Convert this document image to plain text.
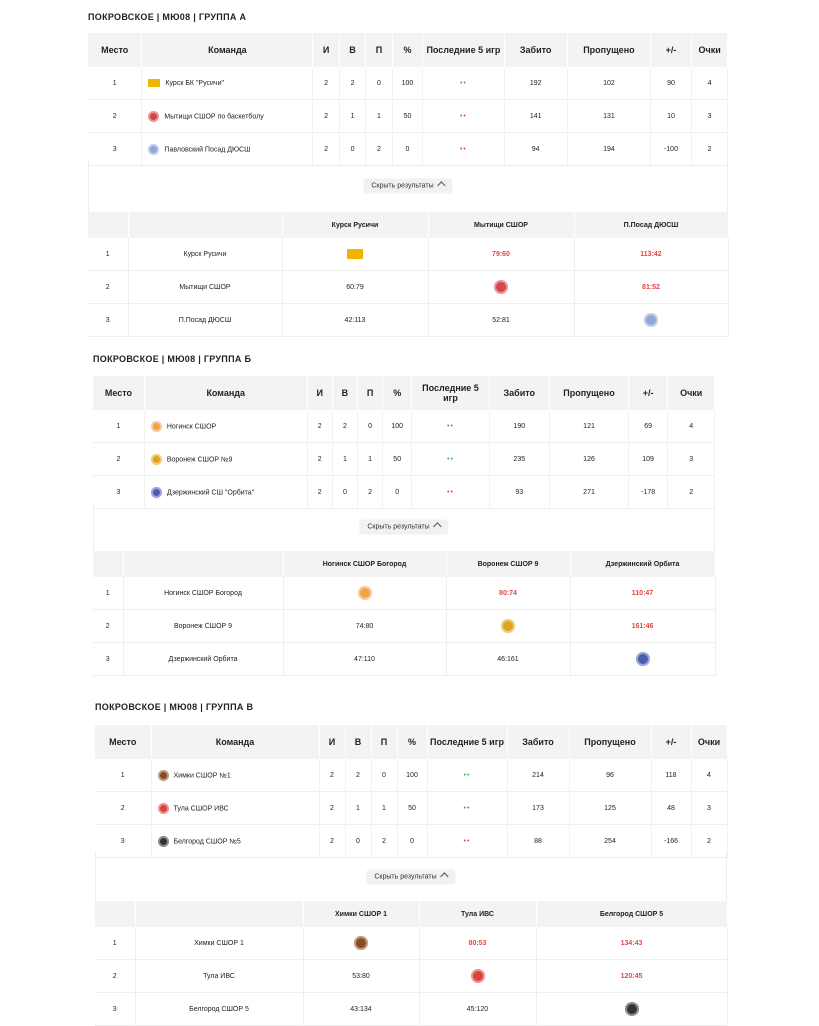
ПОКРОВСКОЕ | МЮ08 | ГРУППА А
Место	Команда	И	В	П	%	Последние 5 игр	Забито	Пропущено	+/-	Очки
1	Курск БК "Русичи"	2	2	0	100	••	192	102	90	4
2	Мытищи СШОР по баскетболу	2	1	1	50	••	141	131	10	3
3	Павловский Посад ДЮСШ	2	0	2	0	••	94	194	-100	2
Скрыть результаты
		Курск Русичи	Мытищи СШОР	П.Посад ДЮСШ
1	Курск Русичи		79:60	113:42
2	Мытищи СШОР	60:79		81:52
3	П.Посад ДЮСШ	42:113	52:81	
ПОКРОВСКОЕ | МЮ08 | ГРУППА Б
Место	Команда	И	В	П	%	Последние 5 игр	Забито	Пропущено	+/-	Очки
1	Ногинск СШОР	2	2	0	100	••	190	121	69	4
2	Воронеж СШОР №9	2	1	1	50	••	235	126	109	3
3	Дзержинский СШ "Орбита"	2	0	2	0	••	93	271	-178	2
Скрыть результаты
		Ногинск СШОР Богород	Воронеж СШОР 9	Дзержинский Орбита
1	Ногинск СШОР Богород		80:74	110:47
2	Воронеж СШОР 9	74:80		161:46
3	Дзержинский Орбита	47:110	46:161	
ПОКРОВСКОЕ | МЮ08 | ГРУППА В
Место	Команда	И	В	П	%	Последние 5 игр	Забито	Пропущено	+/-	Очки
1	Химки СШОР №1	2	2	0	100	••	214	96	118	4
2	Тула СШОР ИВС	2	1	1	50	••	173	125	48	3
3	Белгород СШОР №5	2	0	2	0	••	88	254	-166	2
Скрыть результаты
		Химки СШОР 1	Тула ИВС	Белгород СШОР 5
1	Химки СШОР 1		80:53	134:43
2	Тула ИВС	53:80		120:45
3	Белгород СШОР 5	43:134	45:120	
